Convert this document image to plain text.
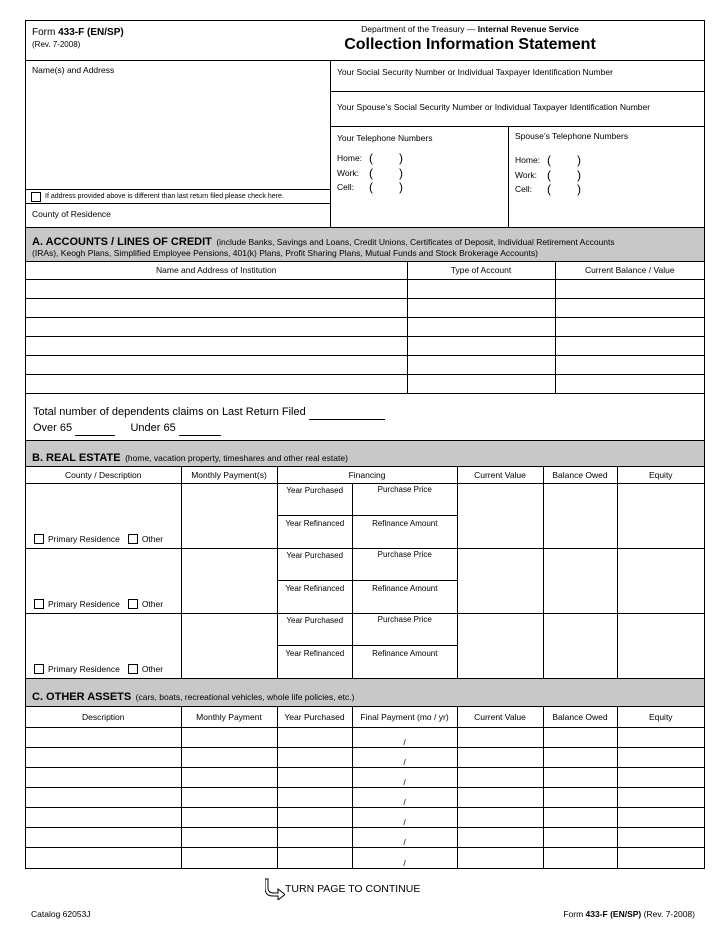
Form 433-F (EN/SP)
(Rev. 7-2008)
Department of the Treasury — Internal Revenue Service
Collection Information Statement
Name(s) and Address
If address provided above is different than last return filed please check here.
County of Residence
Your Social Security Number or Individual Taxpayer Identification Number
Your Spouse’s Social Security Number or Individual Taxpayer Identification Number
Your Telephone Numbers
Home: ( )
Work: ( )
Cell:	( )
Spouse’s Telephone Numbers
Home: ( )
Work: ( )
Cell:	( )
A. ACCOUNTS / LINES OF CREDIT (include Banks, Savings and Loans, Credit Unions, Certificates of Deposit, Individual Retirement Accounts
(IRAs), Keogh Plans, Simplified Employee Pensions, 401(k) Plans, Profit Sharing Plans, Mutual Funds and Stock Brokerage Accounts)
Name and Address of Institution	Type of Account	Current Balance / Value

Total number of dependents claims on Last Return Filed
Over 65	Under 65
B. REAL ESTATE (home, vacation property, timeshares and other real estate)
County / Description	Monthly Payment(s)	Financing	Current Value	Balance Owed	Equity

Primary Residence	Other

Year Purchased	Purchase Price
Year Refinanced	Refinance Amount

Primary Residence	Other

Year Purchased	Purchase Price
Year Refinanced	Refinance Amount

Primary Residence	Other

Year Purchased	Purchase Price
Year Refinanced	Refinance Amount

C. OTHER ASSETS (cars, boats, recreational vehicles, whole life policies, etc.)
Description	Monthly Payment	Year Purchased	Final Payment (mo / yr)	Current Value	Balance Owed	Equity
			/			
			/			
			/			
			/			
			/			
			/			
			/			
TURN PAGE TO CONTINUE
Catalog 62053J	Form 433-F (EN/SP) (Rev. 7-2008)
